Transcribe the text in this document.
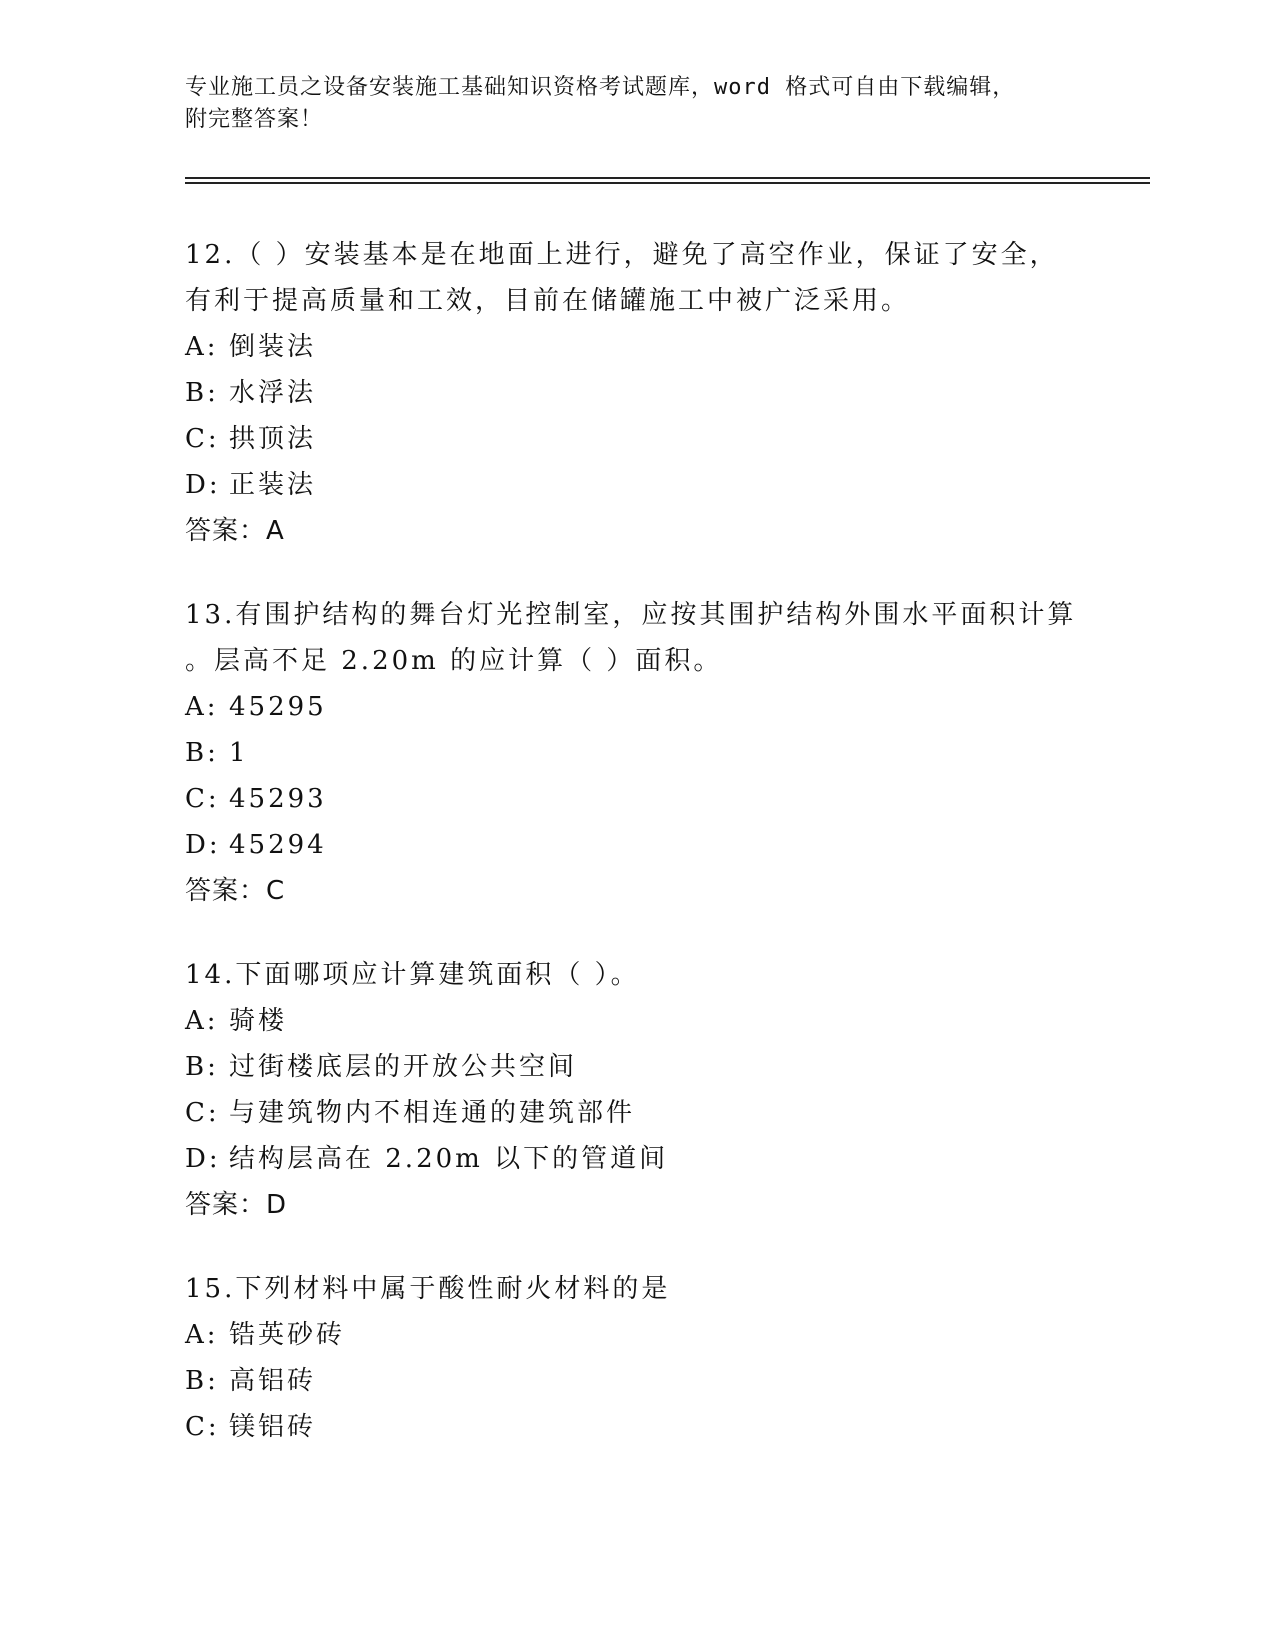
专业施工员之设备安装施工基础知识资格考试题库，word 格式可自由下载编辑，
附完整答案！

12.（ ）安装基本是在地面上进行，避免了高空作业，保证了安全，
有利于提高质量和工效，目前在储罐施工中被广泛采用。

A: 倒装法

B: 水浮法

C: 拱顶法

D: 正装法

答案：A

13.有围护结构的舞台灯光控制室，应按其围护结构外围水平面积计算
。层高不足 2.20m 的应计算（ ）面积。

A: 45295

B: 1

C: 45293

D: 45294

答案：C

14.下面哪项应计算建筑面积（ ）。

A: 骑楼

B: 过街楼底层的开放公共空间

C: 与建筑物内不相连通的建筑部件

D: 结构层高在 2.20m 以下的管道间

答案：D

15.下列材料中属于酸性耐火材料的是

A: 锆英砂砖

B: 高铝砖

C: 镁铝砖
